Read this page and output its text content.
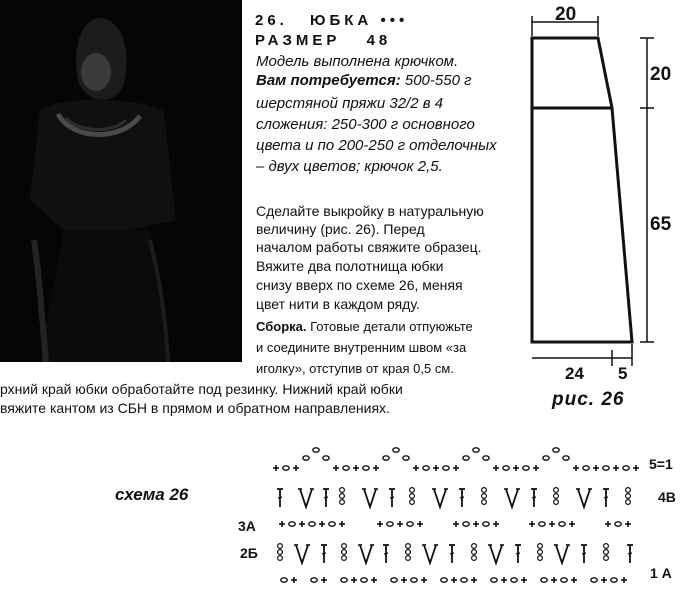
26. ЮБКА •••
РАЗМЕР 48
Модель выполнена крючком.
Вам потребуется: 500-550 г
шерстяной пряжи 32/2 в 4
сложения: 250-300 г основного
цвета и по 200-250 г отделочных
– двух цветов; крючок 2,5.
Сделайте выкройку в натуральную
величину (рис. 26). Перед
началом работы свяжите образец.
Вяжите два полотнища юбки
снизу вверх по схеме 26, меняя
цвет нити в каждом ряду.
Сборка. Готовые детали отпуюжьте
и соедините внутренним швом «за
иголку», отступив от края 0,5 см.
рхний край юбки обработайте под резинку. Нижний край юбки
вяжите кантом из СБН в прямом и обратном направлениях.
20
20
65
24 5
рис. 26
схема 26
5=1
4В
3А
2Б
1 А
